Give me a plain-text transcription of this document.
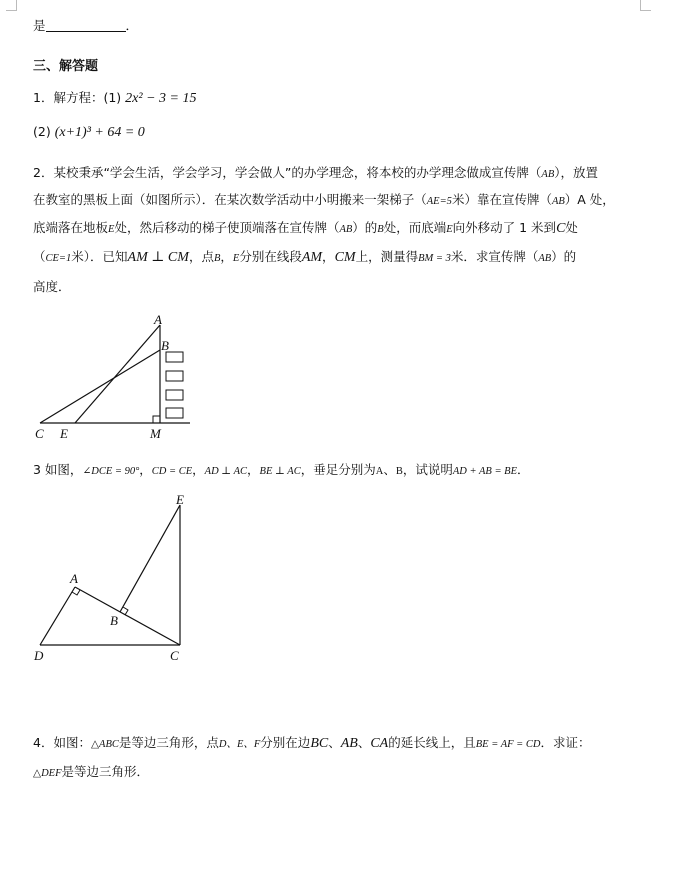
是	．
三、解答题
1．解方程：(1) 2x² − 3 = 15
(2) (x+1)³ + 64 = 0
2．某校秉承“学会生活，学会学习，学会做人”的办学理念，将本校的办学理念做成宣传牌（AB），放置
在教室的黑板上面（如图所示）．在某次数学活动中小明搬来一架梯子（AE=5米）靠在宣传牌（AB）A 处，
底端落在地板E处，然后移动的梯子使顶端落在宣传牌（AB）的B处，而底端E向外移动了 1 米到C处
（CE=1米）．已知AM ⊥ CM，点B，E分别在线段AM，CM上，测量得BM = 3米．求宣传牌（AB）的
高度．
A
B
C E	M
3 如图，∠DCE = 90°，CD = CE，AD ⊥ AC，BE ⊥ AC，垂足分别为A、B，试说明AD + AB = BE．
A
B
C
D
E
4．如图：△ABC是等边三角形，点D、E、F分别在边BC、AB、CA的延长线上，且BE = AF = CD．求证：
△DEF是等边三角形．
